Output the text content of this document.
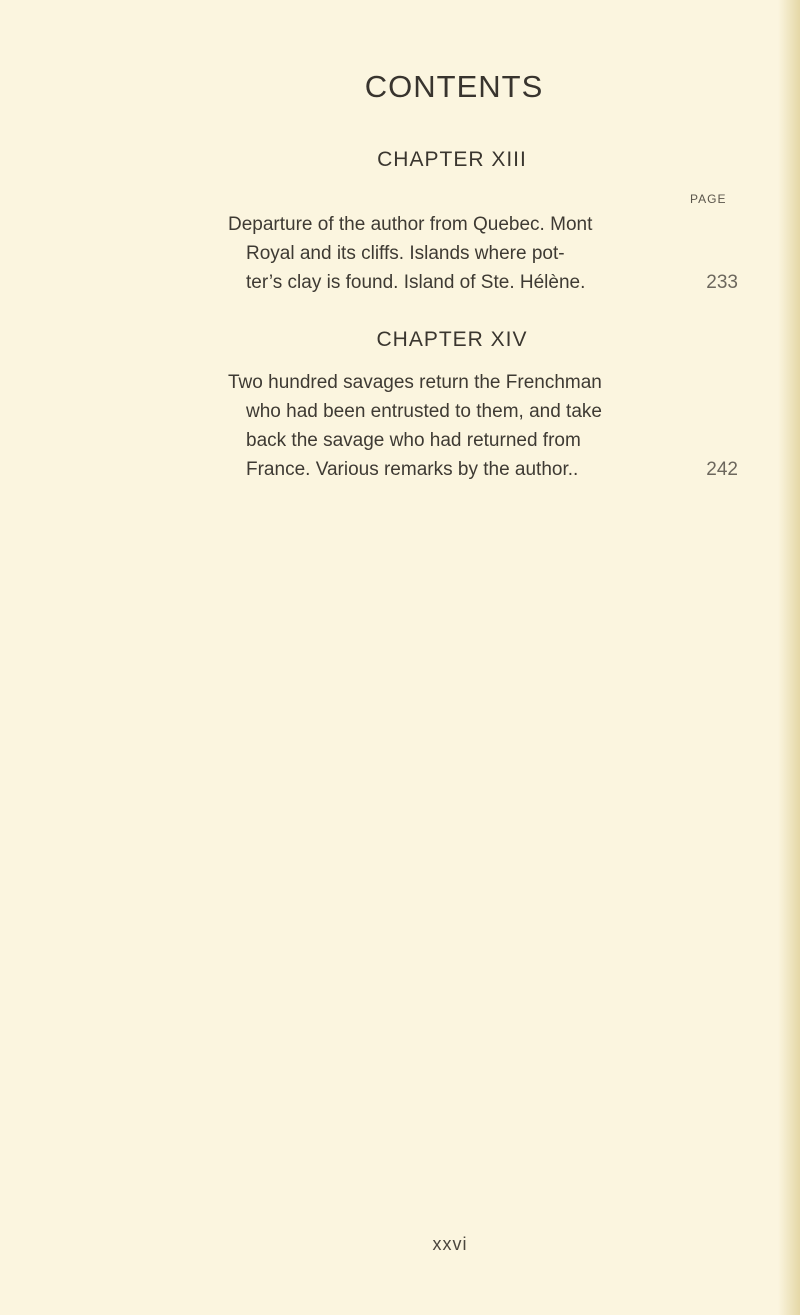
CONTENTS
CHAPTER XIII
PAGE
Departure of the author from Quebec. Mont
Royal and its cliffs. Islands where pot-
ter’s clay is found. Island of Ste. Hélène.	233
CHAPTER XIV
Two hundred savages return the Frenchman
who had been entrusted to them, and take
back the savage who had returned from
France. Various remarks by the author..	242
xxvi
